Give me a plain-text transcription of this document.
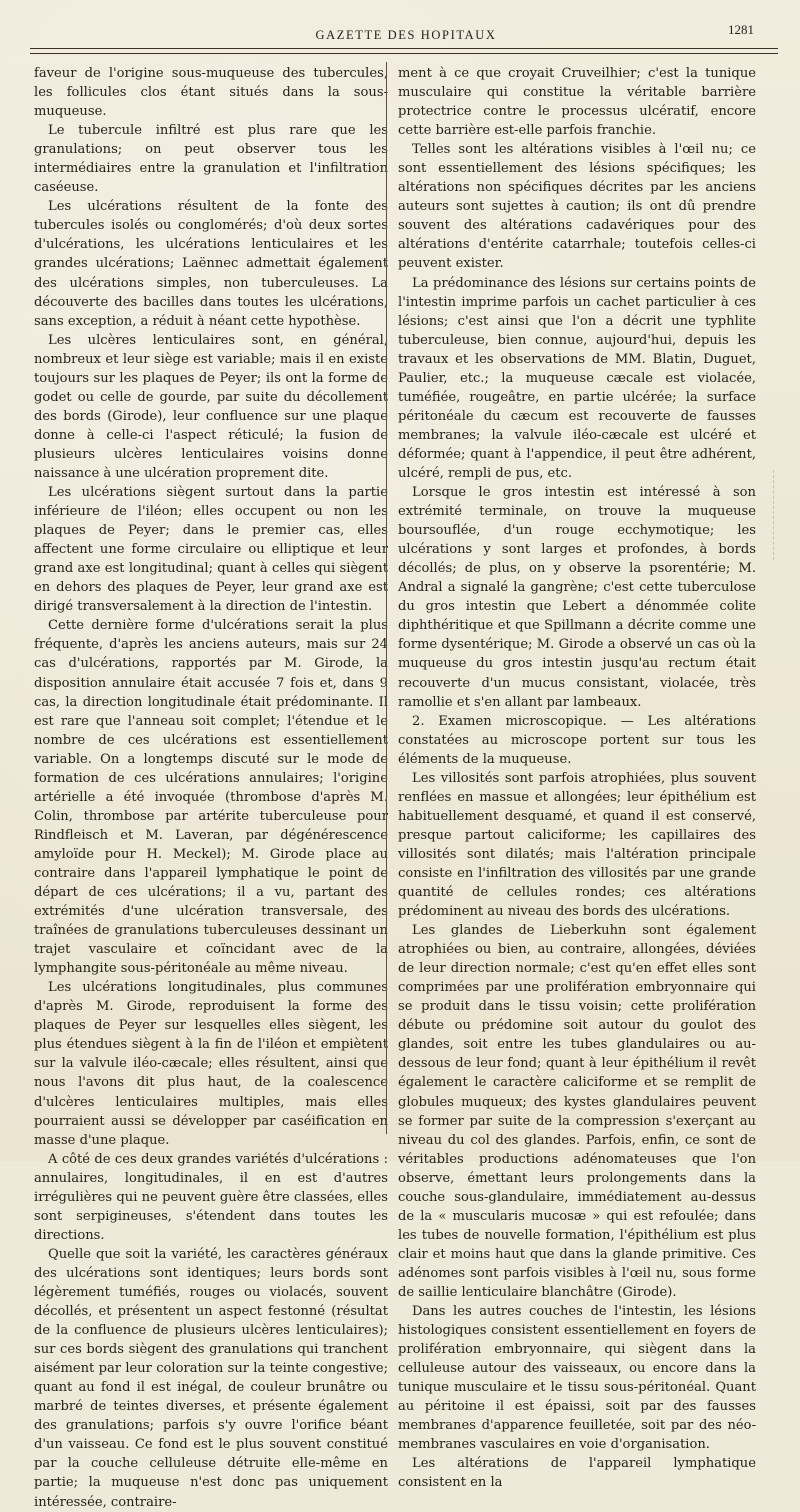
GAZETTE DES HOPITAUX	1281

faveur de l'origine sous-muqueuse des tubercules, les follicules clos étant situés dans la sous-muqueuse.

Le tubercule infiltré est plus rare que les granulations; on peut observer tous les intermédiaires entre la granulation et l'infiltration caséeuse.

Les ulcérations résultent de la fonte des tubercules isolés ou conglomérés; d'où deux sortes d'ulcérations, les ulcérations lenticulaires et les grandes ulcérations; Laënnec admettait également des ulcérations simples, non tuberculeuses. La découverte des bacilles dans toutes les ulcérations, sans exception, a réduit à néant cette hypothèse.

Les ulcères lenticulaires sont, en général, nombreux et leur siège est variable; mais il en existe toujours sur les plaques de Peyer; ils ont la forme de godet ou celle de gourde, par suite du décollement des bords (Girode), leur confluence sur une plaque donne à celle-ci l'aspect réticulé; la fusion de plusieurs ulcères lenticulaires voisins donne naissance à une ulcération proprement dite.

Les ulcérations siègent surtout dans la partie inférieure de l'iléon; elles occupent ou non les plaques de Peyer; dans le premier cas, elles affectent une forme circulaire ou elliptique et leur grand axe est longitudinal; quant à celles qui siègent en dehors des plaques de Peyer, leur grand axe est dirigé transversalement à la direction de l'intestin.

Cette dernière forme d'ulcérations serait la plus fréquente, d'après les anciens auteurs, mais sur 24 cas d'ulcérations, rapportés par M. Girode, la disposition annulaire était accusée 7 fois et, dans 9 cas, la direction longitudinale était prédominante. Il est rare que l'anneau soit complet; l'étendue et le nombre de ces ulcérations est essentiellement variable. On a longtemps discuté sur le mode de formation de ces ulcérations annulaires; l'origine artérielle a été invoquée (thrombose d'après M. Colin, thrombose par artérite tuberculeuse pour Rindfleisch et M. Laveran, par dégénérescence amyloïde pour H. Meckel); M. Girode place au contraire dans l'appareil lymphatique le point de départ de ces ulcérations; il a vu, partant des extrémités d'une ulcération transversale, des traînées de granulations tuberculeuses dessinant un trajet vasculaire et coïncidant avec de la lymphangite sous-péritonéale au même niveau.

Les ulcérations longitudinales, plus communes d'après M. Girode, reproduisent la forme des plaques de Peyer sur lesquelles elles siègent, les plus étendues siègent à la fin de l'iléon et empiètent sur la valvule iléo-cæcale; elles résultent, ainsi que nous l'avons dit plus haut, de la coalescence d'ulcères lenticulaires multiples, mais elles pourraient aussi se développer par caséification en masse d'une plaque.

A côté de ces deux grandes variétés d'ulcérations : annulaires, longitudinales, il en est d'autres irrégulières qui ne peuvent guère être classées, elles sont serpigineuses, s'étendent dans toutes les directions.

Quelle que soit la variété, les caractères généraux des ulcérations sont identiques; leurs bords sont légèrement tuméfiés, rouges ou violacés, souvent décollés, et présentent un aspect festonné (résultat de la confluence de plusieurs ulcères lenticulaires); sur ces bords siègent des granulations qui tranchent aisément par leur coloration sur la teinte congestive; quant au fond il est inégal, de couleur brunâtre ou marbré de teintes diverses, et présente également des granulations; parfois s'y ouvre l'orifice béant d'un vaisseau. Ce fond est le plus souvent constitué par la couche celluleuse détruite elle-même en partie; la muqueuse n'est donc pas uniquement intéressée, contraire-

ment à ce que croyait Cruveilhier; c'est la tunique musculaire qui constitue la véritable barrière protectrice contre le processus ulcératif, encore cette barrière est-elle parfois franchie.

Telles sont les altérations visibles à l'œil nu; ce sont essentiellement des lésions spécifiques; les altérations non spécifiques décrites par les anciens auteurs sont sujettes à caution; ils ont dû prendre souvent des altérations cadavériques pour des altérations d'entérite catarrhale; toutefois celles-ci peuvent exister.

La prédominance des lésions sur certains points de l'intestin imprime parfois un cachet particulier à ces lésions; c'est ainsi que l'on a décrit une typhlite tuberculeuse, bien connue, aujourd'hui, depuis les travaux et les observations de MM. Blatin, Duguet, Paulier, etc.; la muqueuse cæcale est violacée, tuméfiée, rougeâtre, en partie ulcérée; la surface péritonéale du cæcum est recouverte de fausses membranes; la valvule iléo-cæcale est ulcéré et déformée; quant à l'appendice, il peut être adhérent, ulcéré, rempli de pus, etc.

Lorsque le gros intestin est intéressé à son extrémité terminale, on trouve la muqueuse boursouflée, d'un rouge ecchymotique; les ulcérations y sont larges et profondes, à bords décollés; de plus, on y observe la psorentérie; M. Andral a signalé la gangrène; c'est cette tuberculose du gros intestin que Lebert a dénommée colite diphthéritique et que Spillmann a décrite comme une forme dysentérique; M. Girode a observé un cas où la muqueuse du gros intestin jusqu'au rectum était recouverte d'un mucus consistant, violacée, très ramollie et s'en allant par lambeaux.

2. Examen microscopique. — Les altérations constatées au microscope portent sur tous les éléments de la muqueuse.

Les villosités sont parfois atrophiées, plus souvent renflées en massue et allongées; leur épithélium est habituellement desquamé, et quand il est conservé, presque partout caliciforme; les capillaires des villosités sont dilatés; mais l'altération principale consiste en l'infiltration des villosités par une grande quantité de cellules rondes; ces altérations prédominent au niveau des bords des ulcérations.

Les glandes de Lieberkuhn sont également atrophiées ou bien, au contraire, allongées, déviées de leur direction normale; c'est qu'en effet elles sont comprimées par une prolifération embryonnaire qui se produit dans le tissu voisin; cette prolifération débute ou prédomine soit autour du goulot des glandes, soit entre les tubes glandulaires ou au-dessous de leur fond; quant à leur épithélium il revêt également le caractère caliciforme et se remplit de globules muqueux; des kystes glandulaires peuvent se former par suite de la compression s'exerçant au niveau du col des glandes. Parfois, enfin, ce sont de véritables productions adénomateuses que l'on observe, émettant leurs prolongements dans la couche sous-glandulaire, immédiatement au-dessus de la « muscularis mucosæ » qui est refoulée; dans les tubes de nouvelle formation, l'épithélium est plus clair et moins haut que dans la glande primitive. Ces adénomes sont parfois visibles à l'œil nu, sous forme de saillie lenticulaire blanchâtre (Girode).

Dans les autres couches de l'intestin, les lésions histologiques consistent essentiellement en foyers de prolifération embryonnaire, qui siègent dans la celluleuse autour des vaisseaux, ou encore dans la tunique musculaire et le tissu sous-péritonéal. Quant au péritoine il est épaissi, soit par des fausses membranes d'apparence feuilletée, soit par des néo-membranes vasculaires en voie d'organisation.

Les altérations de l'appareil lymphatique consistent en la
